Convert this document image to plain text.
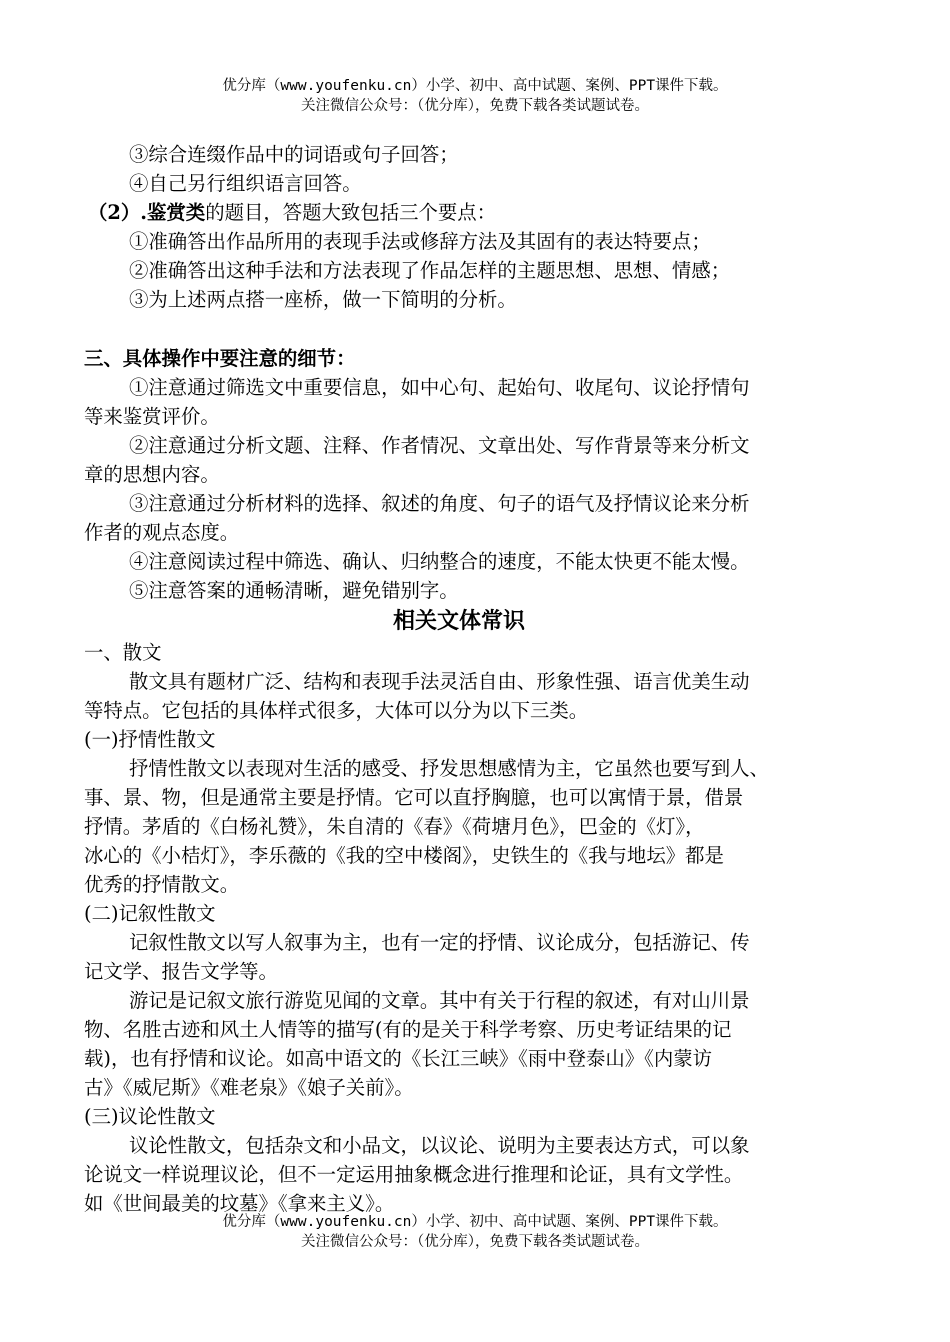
优分库（www.youfenku.cn）小学、初中、高中试题、案例、PPT课件下载。
关注微信公众号：（优分库），免费下载各类试题试卷。
③综合连缀作品中的词语或句子回答；
④自己另行组织语言回答。
（2）.鉴赏类的题目，答题大致包括三个要点：
①准确答出作品所用的表现手法或修辞方法及其固有的表达特要点；
②准确答出这种手法和方法表现了作品怎样的主题思想、思想、情感；
③为上述两点搭一座桥，做一下简明的分析。
三、具体操作中要注意的细节：
①注意通过筛选文中重要信息，如中心句、起始句、收尾句、议论抒情句
等来鉴赏评价。
②注意通过分析文题、注释、作者情况、文章出处、写作背景等来分析文
章的思想内容。
③注意通过分析材料的选择、叙述的角度、句子的语气及抒情议论来分析
作者的观点态度。
④注意阅读过程中筛选、确认、归纳整合的速度，不能太快更不能太慢。
⑤注意答案的通畅清晰，避免错别字。
相关文体常识
一、散文
散文具有题材广泛、结构和表现手法灵活自由、形象性强、语言优美生动
等特点。它包括的具体样式很多，大体可以分为以下三类。
(一)抒情性散文
抒情性散文以表现对生活的感受、抒发思想感情为主，它虽然也要写到人、
事、景、物，但是通常主要是抒情。它可以直抒胸臆，也可以寓情于景，借景
抒情。茅盾的《白杨礼赞》，朱自清的《春》《荷塘月色》，巴金的《灯》，
冰心的《小桔灯》，李乐薇的《我的空中楼阁》，史铁生的《我与地坛》都是
优秀的抒情散文。
(二)记叙性散文
记叙性散文以写人叙事为主，也有一定的抒情、议论成分，包括游记、传
记文学、报告文学等。
游记是记叙文旅行游览见闻的文章。其中有关于行程的叙述，有对山川景
物、名胜古迹和风土人情等的描写(有的是关于科学考察、历史考证结果的记
载)，也有抒情和议论。如高中语文的《长江三峡》《雨中登泰山》《内蒙访
古》《威尼斯》《难老泉》《娘子关前》。
(三)议论性散文
议论性散文，包括杂文和小品文，以议论、说明为主要表达方式，可以象
论说文一样说理议论，但不一定运用抽象概念进行推理和论证，具有文学性。
如《世间最美的坟墓》《拿来主义》。
优分库（www.youfenku.cn）小学、初中、高中试题、案例、PPT课件下载。
关注微信公众号：（优分库），免费下载各类试题试卷。
